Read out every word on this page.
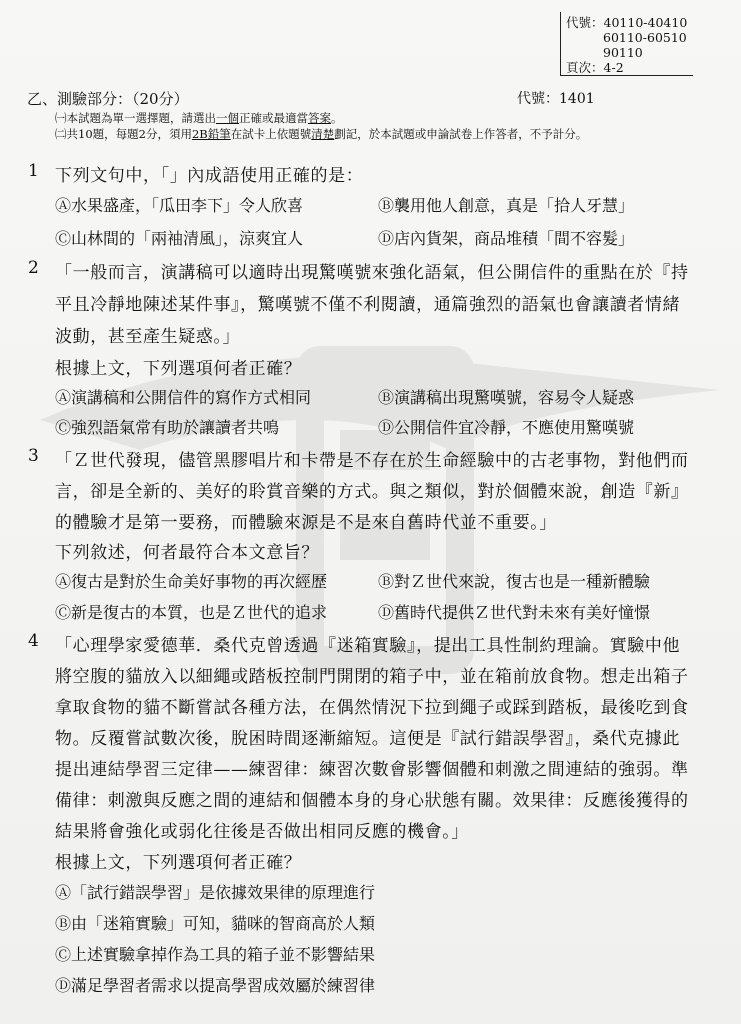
代號：40110-40410
60110-60510
90110
頁次：4-2
乙、測驗部分：（20分）	代號：1401
㈠本試題為單一選擇題，請選出一個正確或最適當答案。
㈡共10題，每題2分，須用2B鉛筆在試卡上依題號清楚劃記，於本試題或申論試卷上作答者，不予計分。
1 下列文句中，「」內成語使用正確的是：
Ⓐ水果盛產，「瓜田李下」令人欣喜	Ⓑ襲用他人創意，真是「拾人牙慧」
Ⓒ山林間的「兩袖清風」，涼爽宜人	Ⓓ店內貨架，商品堆積「間不容髮」
2 「一般而言，演講稿可以適時出現驚嘆號來強化語氣，但公開信件的重點在於『持
平且冷靜地陳述某件事』，驚嘆號不僅不利閱讀，通篇強烈的語氣也會讓讀者情緒
波動，甚至產生疑惑。」
根據上文，下列選項何者正確？
Ⓐ演講稿和公開信件的寫作方式相同	Ⓑ演講稿出現驚嘆號，容易令人疑惑
Ⓒ強烈語氣常有助於讓讀者共鳴	Ⓓ公開信件宜冷靜，不應使用驚嘆號
3 「Ｚ世代發現，儘管黑膠唱片和卡帶是不存在於生命經驗中的古老事物，對他們而
言，卻是全新的、美好的聆賞音樂的方式。與之類似，對於個體來說，創造『新』
的體驗才是第一要務，而體驗來源是不是來自舊時代並不重要。」
下列敘述，何者最符合本文意旨？
Ⓐ復古是對於生命美好事物的再次經歷	Ⓑ對Ｚ世代來說，復古也是一種新體驗
Ⓒ新是復古的本質，也是Ｚ世代的追求	Ⓓ舊時代提供Ｚ世代對未來有美好憧憬
4 「心理學家愛德華．桑代克曾透過『迷箱實驗』，提出工具性制約理論。實驗中他
將空腹的貓放入以細繩或踏板控制門開閉的箱子中，並在箱前放食物。想走出箱子
拿取食物的貓不斷嘗試各種方法，在偶然情況下拉到繩子或踩到踏板，最後吃到食
物。反覆嘗試數次後，脫困時間逐漸縮短。這便是『試行錯誤學習』，桑代克據此
提出連結學習三定律——練習律：練習次數會影響個體和刺激之間連結的強弱。準
備律：刺激與反應之間的連結和個體本身的身心狀態有關。效果律：反應後獲得的
結果將會強化或弱化往後是否做出相同反應的機會。」
根據上文，下列選項何者正確？
Ⓐ「試行錯誤學習」是依據效果律的原理進行
Ⓑ由「迷箱實驗」可知，貓咪的智商高於人類
Ⓒ上述實驗拿掉作為工具的箱子並不影響結果
Ⓓ滿足學習者需求以提高學習成效屬於練習律
